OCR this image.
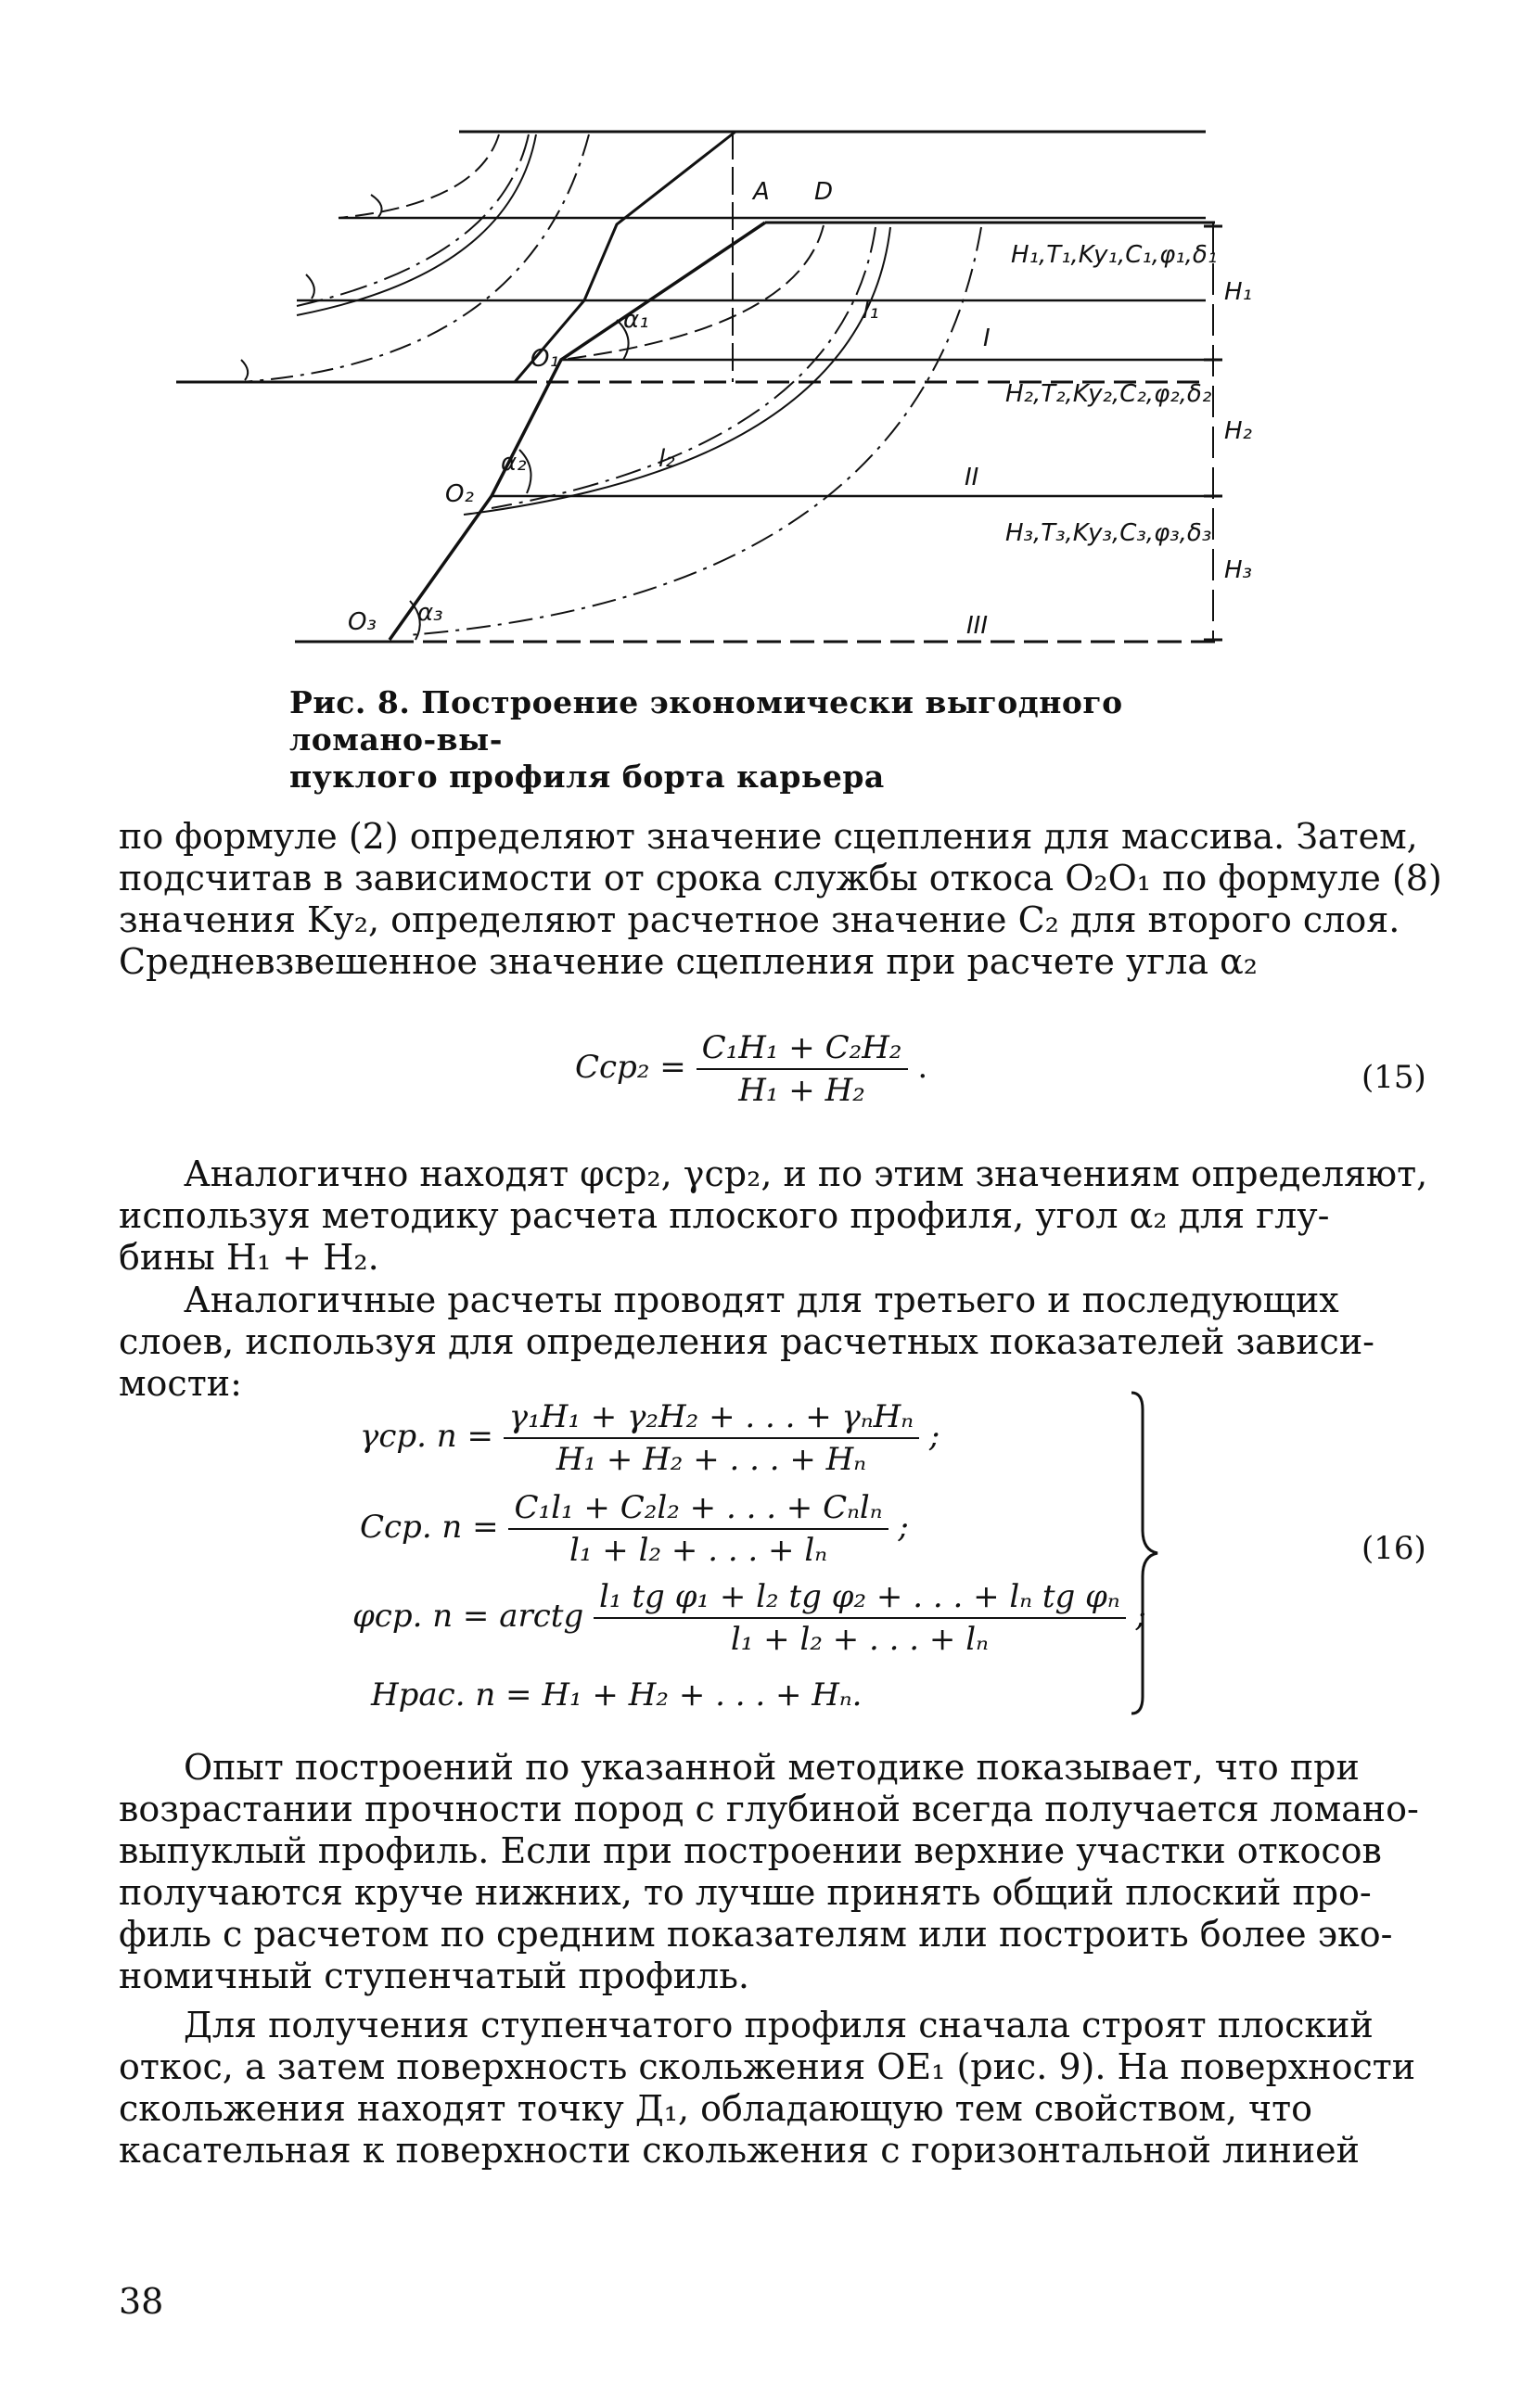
A D
O₁
O₂
O₃
α₁
α₂
α₃
l₁
l₂
I
II
III
H₁,T₁,Ky₁,C₁,φ₁,δ₁
H₂,T₂,Ky₂,C₂,φ₂,δ₂
H₃,T₃,Ky₃,C₃,φ₃,δ₃
H₁
H₂
H₃
Рис. 8. Построение экономически выгодного ломано-вы-
пуклого профиля борта карьера
по формуле (2) определяют значение сцепления для массива. Затем,
подсчитав в зависимости от срока службы откоса O₂O₁ по формуле (8)
значения Kу₂, определяют расчетное значение C₂ для второго слоя.
Средневзвешенное значение сцепления при расчете угла α₂
$Cср_2 = \frac{\text{C₁H₁ + C₂H₂}}{\text{H₁ + H₂}}$ .	(15)
Аналогично находят φср₂, γср₂, и по этим значениям определяют,
используя методику расчета плоского профиля, угол α₂ для глу-
бины H₁ + H₂.
Аналогичные расчеты проводят для третьего и последующих
слоев, используя для определения расчетных показателей зависи-
мости:
γср. $п = \frac{\text{γ₁H₁ + γ₂H₂ + . . . + γₙHₙ}}{\text{H₁ + H₂ + . . . + Hₙ}}$ ;
Cср. $п = \frac{\text{C₁l₁ + C₂l₂ + . . . + Cₙlₙ}}{\text{l₁ + l₂ + . . . + lₙ}}$ ;
φср. п = arctg $\frac{\text{l₁ tg φ₁ + l₂ tg φ₂ + . . . + lₙ tg φₙ}}{\text{l₁ + l₂ + . . . + lₙ}}$ ;
Hрас. п = H₁ + H₂ + . . . + Hₙ.
(16)
Опыт построений по указанной методике показывает, что при
возрастании прочности пород с глубиной всегда получается ломано-
выпуклый профиль. Если при построении верхние участки откосов
получаются круче нижних, то лучше принять общий плоский про-
филь с расчетом по средним показателям или построить более эко-
номичный ступенчатый профиль.
Для получения ступенчатого профиля сначала строят плоский
откос, а затем поверхность скольжения OE₁ (рис. 9). На поверхности
скольжения находят точку Д₁, обладающую тем свойством, что
касательная к поверхности скольжения с горизонтальной линией
38
